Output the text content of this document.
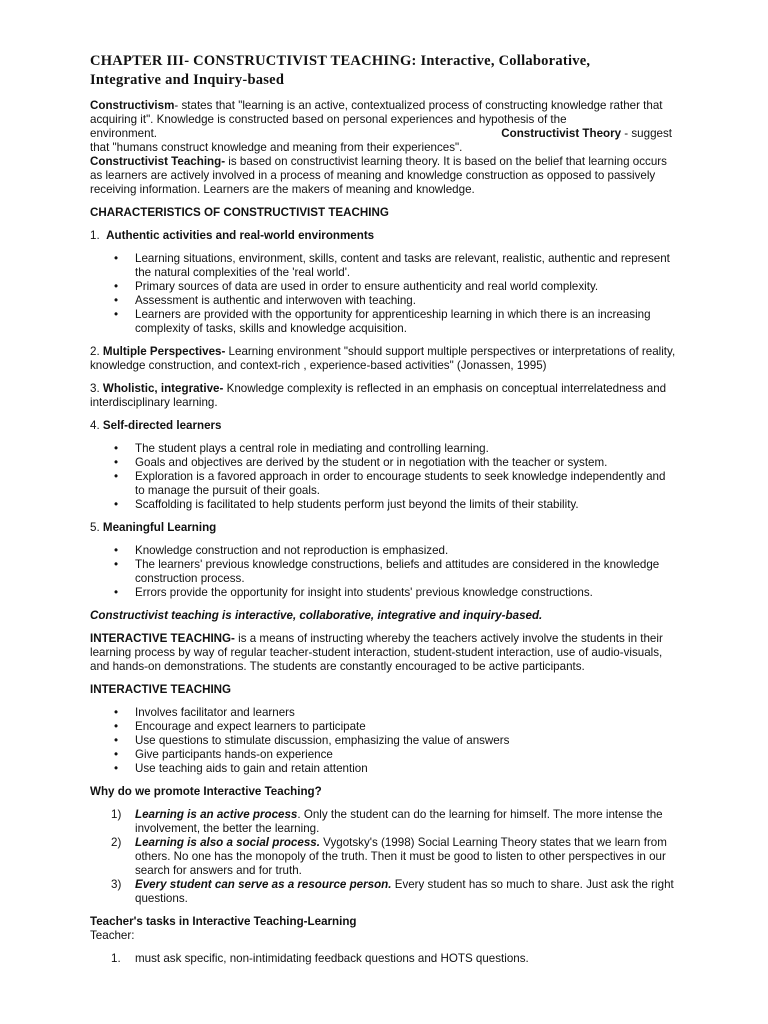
CHAPTER III- CONSTRUCTIVIST TEACHING: Interactive, Collaborative,
Integrative and Inquiry-based

Constructivism- states that "learning is an active, contextualized process of constructing knowledge rather that acquiring it". Knowledge is constructed based on personal experiences and hypothesis of the

environment.	Constructivist Theory - suggest

that "humans construct knowledge and meaning from their experiences".

Constructivist Teaching- is based on constructivist learning theory. It is based on the belief that learning occurs as learners are actively involved in a process of meaning and knowledge construction as opposed to passively receiving information. Learners are the makers of meaning and knowledge.

CHARACTERISTICS OF CONSTRUCTIVIST TEACHING

1. Authentic activities and real-world environments

• Learning situations, environment, skills, content and tasks are relevant, realistic, authentic and represent the natural complexities of the 'real world'.
• Primary sources of data are used in order to ensure authenticity and real world complexity.
• Assessment is authentic and interwoven with teaching.
• Learners are provided with the opportunity for apprenticeship learning in which there is an increasing complexity of tasks, skills and knowledge acquisition.

2. Multiple Perspectives- Learning environment "should support multiple perspectives or interpretations of reality, knowledge construction, and context-rich , experience-based activities" (Jonassen, 1995)

3. Wholistic, integrative- Knowledge complexity is reflected in an emphasis on conceptual interrelatedness and interdisciplinary learning.

4. Self-directed learners

• The student plays a central role in mediating and controlling learning.
• Goals and objectives are derived by the student or in negotiation with the teacher or system.
• Exploration is a favored approach in order to encourage students to seek knowledge independently and to manage the pursuit of their goals.
• Scaffolding is facilitated to help students perform just beyond the limits of their stability.

5. Meaningful Learning

• Knowledge construction and not reproduction is emphasized.
• The learners' previous knowledge constructions, beliefs and attitudes are considered in the knowledge construction process.
• Errors provide the opportunity for insight into students' previous knowledge constructions.

Constructivist teaching is interactive, collaborative, integrative and inquiry-based.

INTERACTIVE TEACHING- is a means of instructing whereby the teachers actively involve the students in their learning process by way of regular teacher-student interaction, student-student interaction, use of audio-visuals, and hands-on demonstrations. The students are constantly encouraged to be active participants.

INTERACTIVE TEACHING

• Involves facilitator and learners
• Encourage and expect learners to participate
• Use questions to stimulate discussion, emphasizing the value of answers
• Give participants hands-on experience
• Use teaching aids to gain and retain attention

Why do we promote Interactive Teaching?

1) Learning is an active process. Only the student can do the learning for himself. The more intense the involvement, the better the learning.
2) Learning is also a social process. Vygotsky's (1998) Social Learning Theory states that we learn from others. No one has the monopoly of the truth. Then it must be good to listen to other perspectives in our search for answers and for truth.
3) Every student can serve as a resource person. Every student has so much to share. Just ask the right questions.

Teacher's tasks in Interactive Teaching-Learning

Teacher:

1. must ask specific, non-intimidating feedback questions and HOTS questions.
